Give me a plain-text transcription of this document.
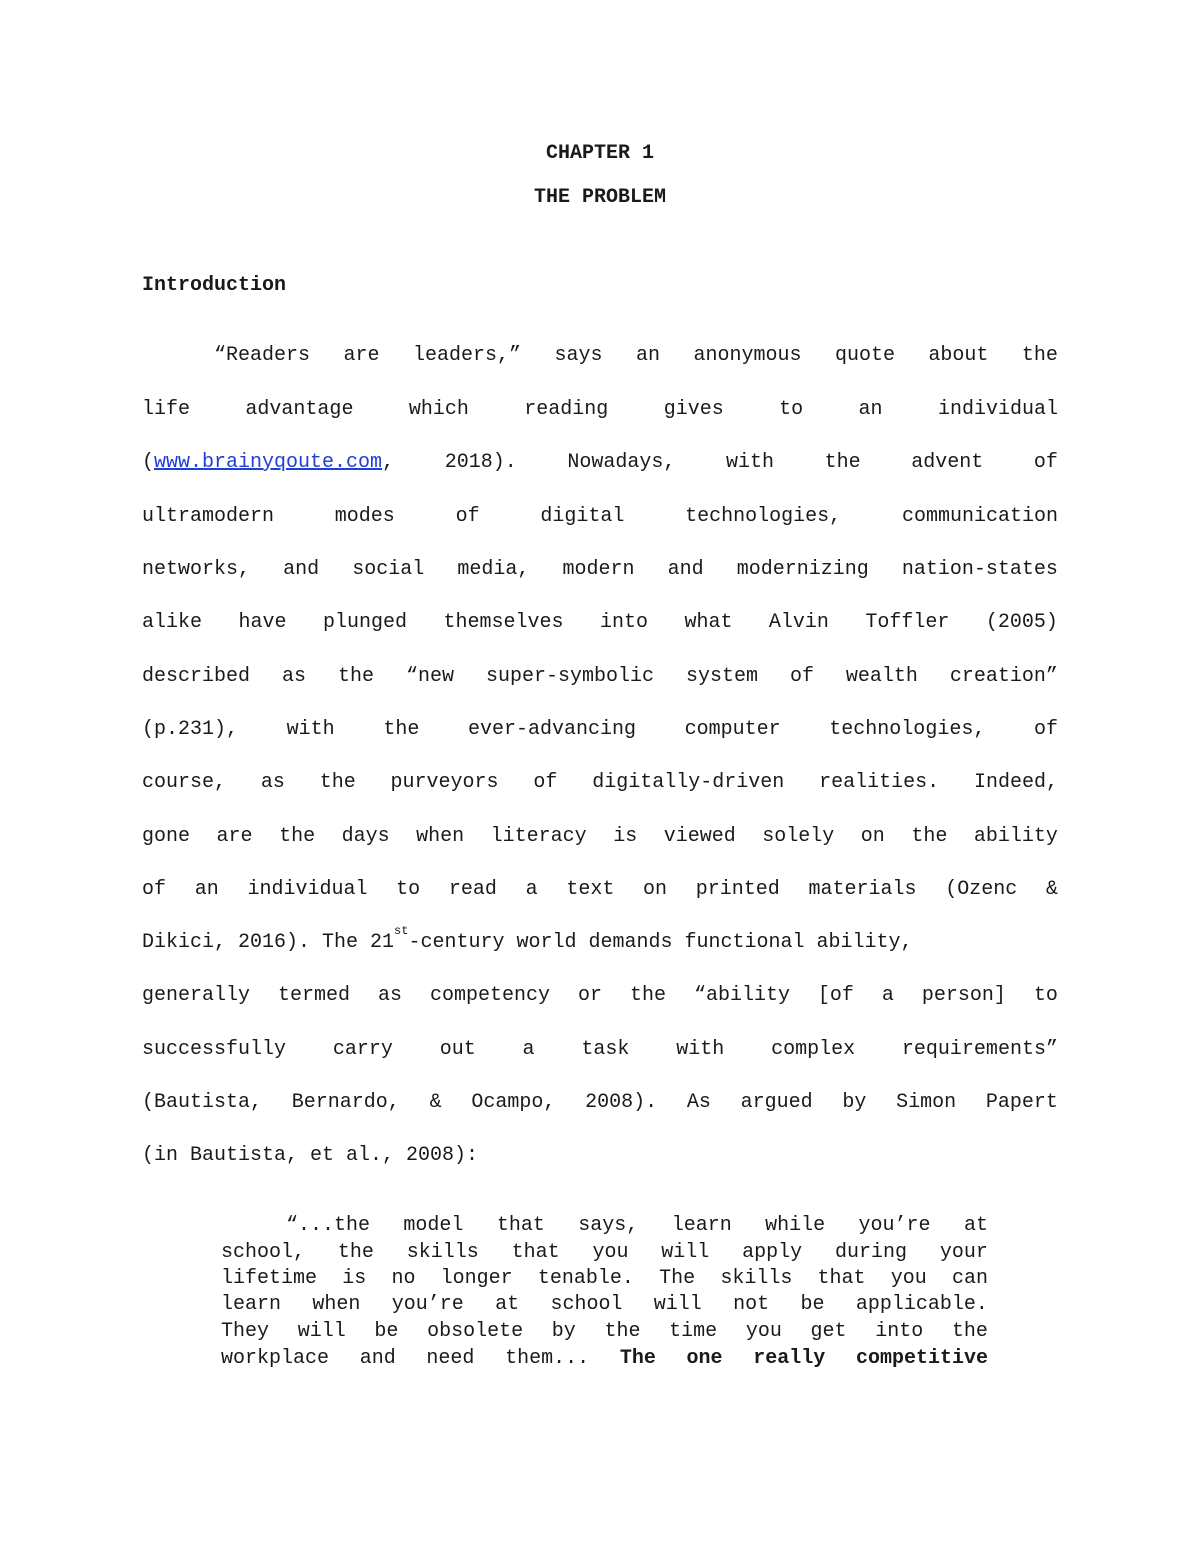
CHAPTER 1
THE PROBLEM
Introduction
“Readers are leaders,” says an anonymous quote about the
life	advantage	which	reading	gives	to	an	individual
(www.brainyqoute.com,	2018).	Nowadays,	with	the	advent	of
ultramodern	modes	of	digital	technologies,	communication
networks, and social media, modern and modernizing nation-states
alike have plunged themselves into what Alvin Toffler (2005)
described as the “new super-symbolic system of wealth creation”
(p.231), with the ever-advancing computer technologies, of
course, as the purveyors of digitally-driven realities. Indeed,
gone are the days when literacy is viewed solely on the ability
of an individual to read a text on printed materials (Ozenc &
Dikici, 2016). The 21 st -century world demands functional ability,
generally termed as competency or the “ability [of a person] to
successfully carry out a task with complex requirements”
(Bautista, Bernardo, & Ocampo, 2008). As argued by Simon Papert
(in Bautista, et al., 2008):
“...the model that says, learn while you’re at
school, the skills that you will apply during your
lifetime is no longer tenable. The skills that you can
learn when you’re at school will not be applicable.
They will be obsolete by the time you get into the
workplace and need them... The one really competitive
